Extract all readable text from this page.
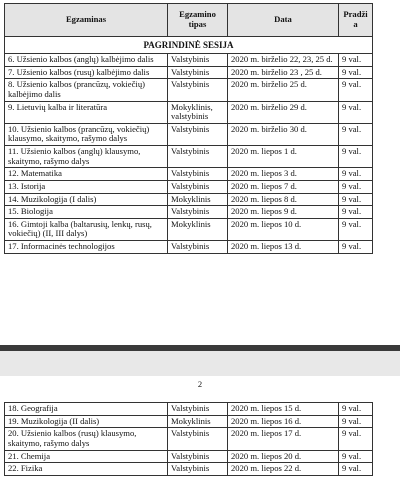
Egzaminas	Egzamino tipas	Data	Pradžia
PAGRINDINĖ SESIJA			
6. Užsienio kalbos (anglų) kalbėjimo dalis	Valstybinis	2020 m. birželio 22, 23, 25 d.	9 val.
7. Užsienio kalbos (rusų) kalbėjimo dalis	Valstybinis	2020 m. birželio 23 , 25 d.	9 val.
8. Užsienio kalbos (prancūzų, vokiečių) kalbėjimo dalis	Valstybinis	2020 m. birželio 25 d.	9 val.
9. Lietuvių kalba ir literatūra	Mokyklinis, valstybinis	2020 m. birželio 29 d.	9 val.
10. Užsienio kalbos (prancūzų, vokiečių) klausymo, skaitymo, rašymo dalys	Valstybinis	2020 m. birželio 30 d.	9 val.
11. Užsienio kalbos (anglų) klausymo, skaitymo, rašymo dalys	Valstybinis	2020 m. liepos 1 d.	9 val.
12. Matematika	Valstybinis	2020 m. liepos 3 d.	9 val.
13. Istorija	Valstybinis	2020 m. liepos 7 d.	9 val.
14. Muzikologija (I dalis)	Mokyklinis	2020 m. liepos 8 d.	9 val.
15. Biologija	Valstybinis	2020 m. liepos 9 d.	9 val.
16. Gimtoji kalba (baltarusių, lenkų, rusų, vokiečių) (II, III dalys)	Mokyklinis	2020 m. liepos 10 d.	9 val.
17. Informacinės technologijos	Valstybinis	2020 m. liepos 13 d.	9 val.
2
18. Geografija	Valstybinis	2020 m. liepos 15 d.	9 val.
19. Muzikologija (II dalis)	Mokyklinis	2020 m. liepos 16 d.	9 val.
20. Užsienio kalbos (rusų) klausymo, skaitymo, rašymo dalys	Valstybinis	2020 m. liepos 17 d.	9 val.
21. Chemija	Valstybinis	2020 m. liepos 20 d.	9 val.
22. Fizika	Valstybinis	2020 m. liepos 22 d.	9 val.
